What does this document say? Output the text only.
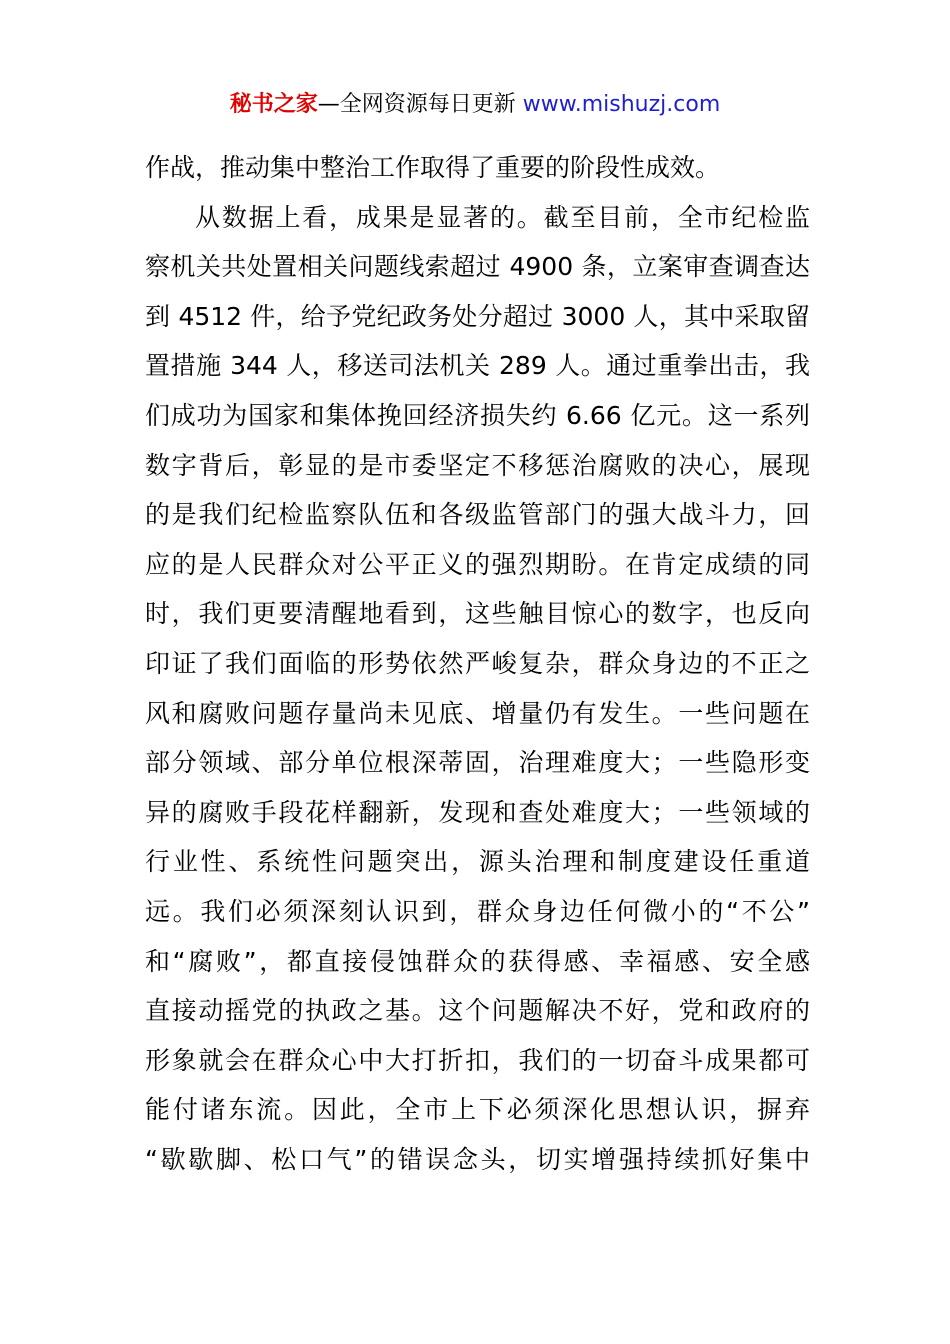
秘书之家—全网资源每日更新 www.mishuzj.com
作战，推动集中整治工作取得了重要的阶段性成效。
从数据上看，成果是显著的。截至目前，全市纪检监
察机关共处置相关问题线索超过 4900 条，立案审查调查达
到 4512 件，给予党纪政务处分超过 3000 人，其中采取留
置措施 344 人，移送司法机关 289 人。通过重拳出击，我
们成功为国家和集体挽回经济损失约 6.66 亿元。这一系列
数字背后，彰显的是市委坚定不移惩治腐败的决心，展现
的是我们纪检监察队伍和各级监管部门的强大战斗力，回
应的是人民群众对公平正义的强烈期盼。在肯定成绩的同
时，我们更要清醒地看到，这些触目惊心的数字，也反向
印证了我们面临的形势依然严峻复杂，群众身边的不正之
风和腐败问题存量尚未见底、增量仍有发生。一些问题在
部分领域、部分单位根深蒂固，治理难度大；一些隐形变
异的腐败手段花样翻新，发现和查处难度大；一些领域的
行业性、系统性问题突出，源头治理和制度建设任重道
远。我们必须深刻认识到，群众身边任何微小的“不公”
和“腐败”，都直接侵蚀群众的获得感、幸福感、安全感
直接动摇党的执政之基。这个问题解决不好，党和政府的
形象就会在群众心中大打折扣，我们的一切奋斗成果都可
能付诸东流。因此，全市上下必须深化思想认识，摒弃
“歇歇脚、松口气”的错误念头，切实增强持续抓好集中
